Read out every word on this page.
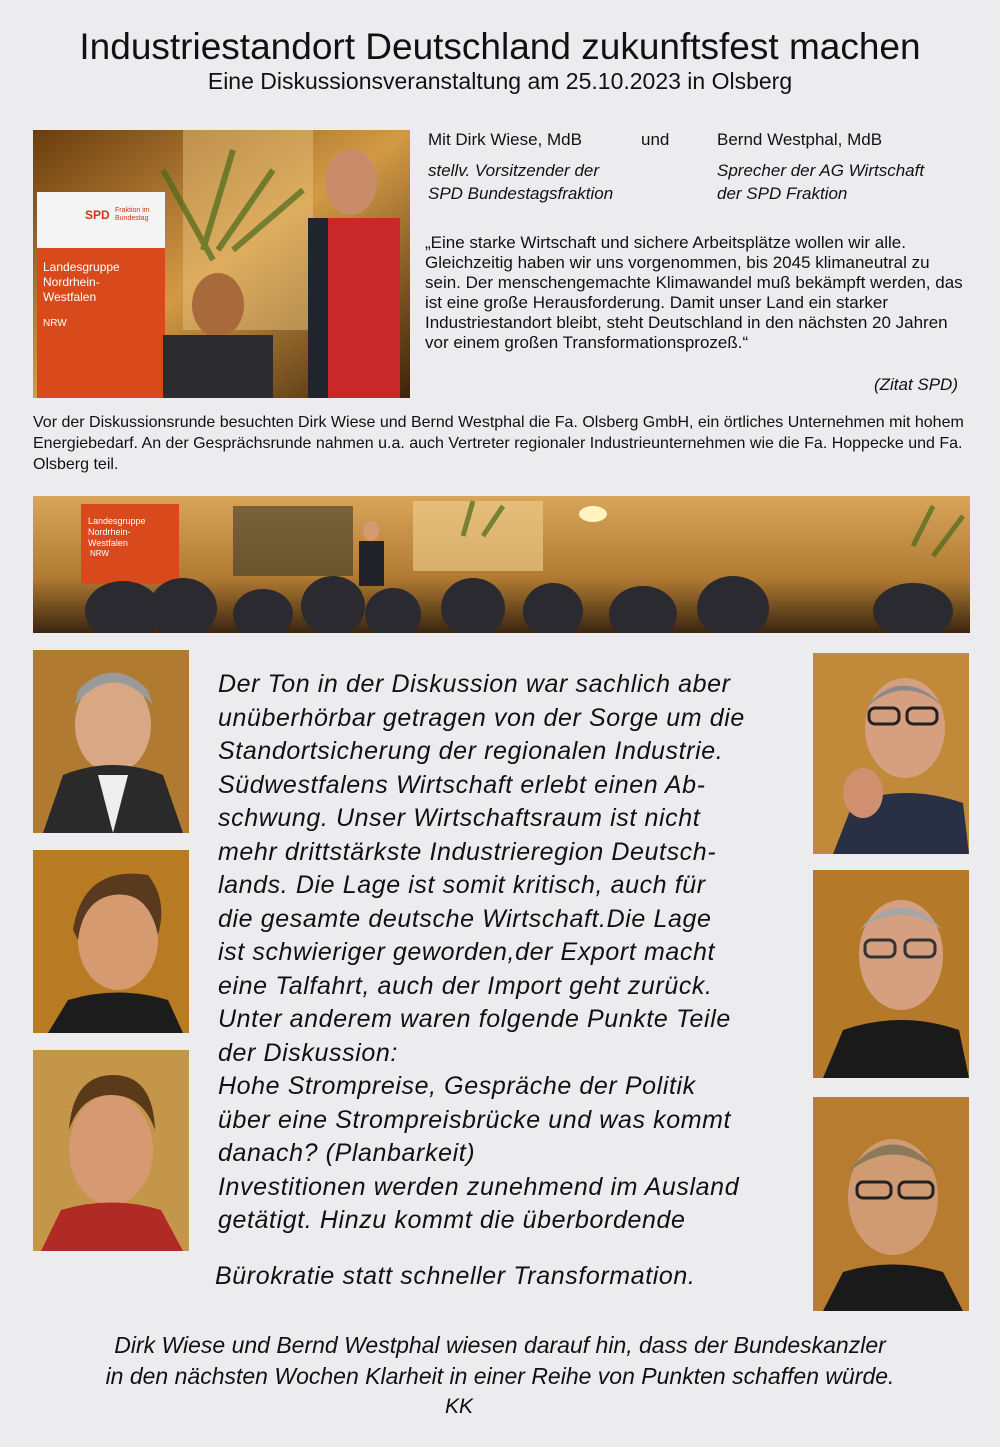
Industriestandort Deutschland zukunftsfest machen
Eine Diskussionsveranstaltung am 25.10.2023 in Olsberg
SPD Fraktion im
Bundestag
Landesgruppe
Nordrhein-
Westfalen
NRW
Mit Dirk Wiese, MdB	und	Bernd Westphal, MdB
stellv. Vorsitzender der
SPD Bundestagsfraktion
Sprecher der AG Wirtschaft
der SPD Fraktion
„Eine starke Wirtschaft und sichere Arbeitsplätze wollen wir alle. Gleichzeitig haben wir uns vorgenommen, bis 2045 klimaneutral zu sein. Der menschengemachte Klimawandel muß bekämpft werden, das ist eine große Herausforderung. Damit unser Land ein starker Industriestandort bleibt, steht Deutschland in den nächsten 20 Jahren vor einem großen Transformationsprozeß.“
(Zitat SPD)
Vor der Diskussionsrunde besuchten Dirk Wiese und Bernd Westphal die Fa. Olsberg GmbH, ein örtliches Unternehmen mit hohem Energiebedarf. An der Gesprächsrunde nahmen u.a. auch Vertreter regionaler Industrieunternehmen wie die Fa. Hoppecke und Fa. Olsberg teil.
Landesgruppe
Nordrhein-
Westfalen
NRW
Der Ton in der Diskussion war sachlich aber
unüberhörbar getragen von der Sorge um die
Standortsicherung der regionalen Industrie.
Südwestfalens Wirtschaft erlebt einen Ab-
schwung. Unser Wirtschaftsraum ist nicht
mehr drittstärkste Industrieregion Deutsch-
lands. Die Lage ist somit kritisch, auch für
die gesamte deutsche Wirtschaft.Die Lage
ist schwieriger geworden,der Export macht
eine Talfahrt, auch der Import geht zurück.
Unter anderem waren folgende Punkte Teile
der Diskussion:
Hohe Strompreise, Gespräche der Politik
über eine Strompreisbrücke und was kommt
danach? (Planbarkeit)
Investitionen werden zunehmend im Ausland
getätigt. Hinzu kommt die überbordende
Bürokratie statt schneller Transformation.
Dirk Wiese und Bernd Westphal wiesen darauf hin, dass der Bundeskanzler
in den nächsten Wochen Klarheit in einer Reihe von Punkten schaffen würde.
KK
